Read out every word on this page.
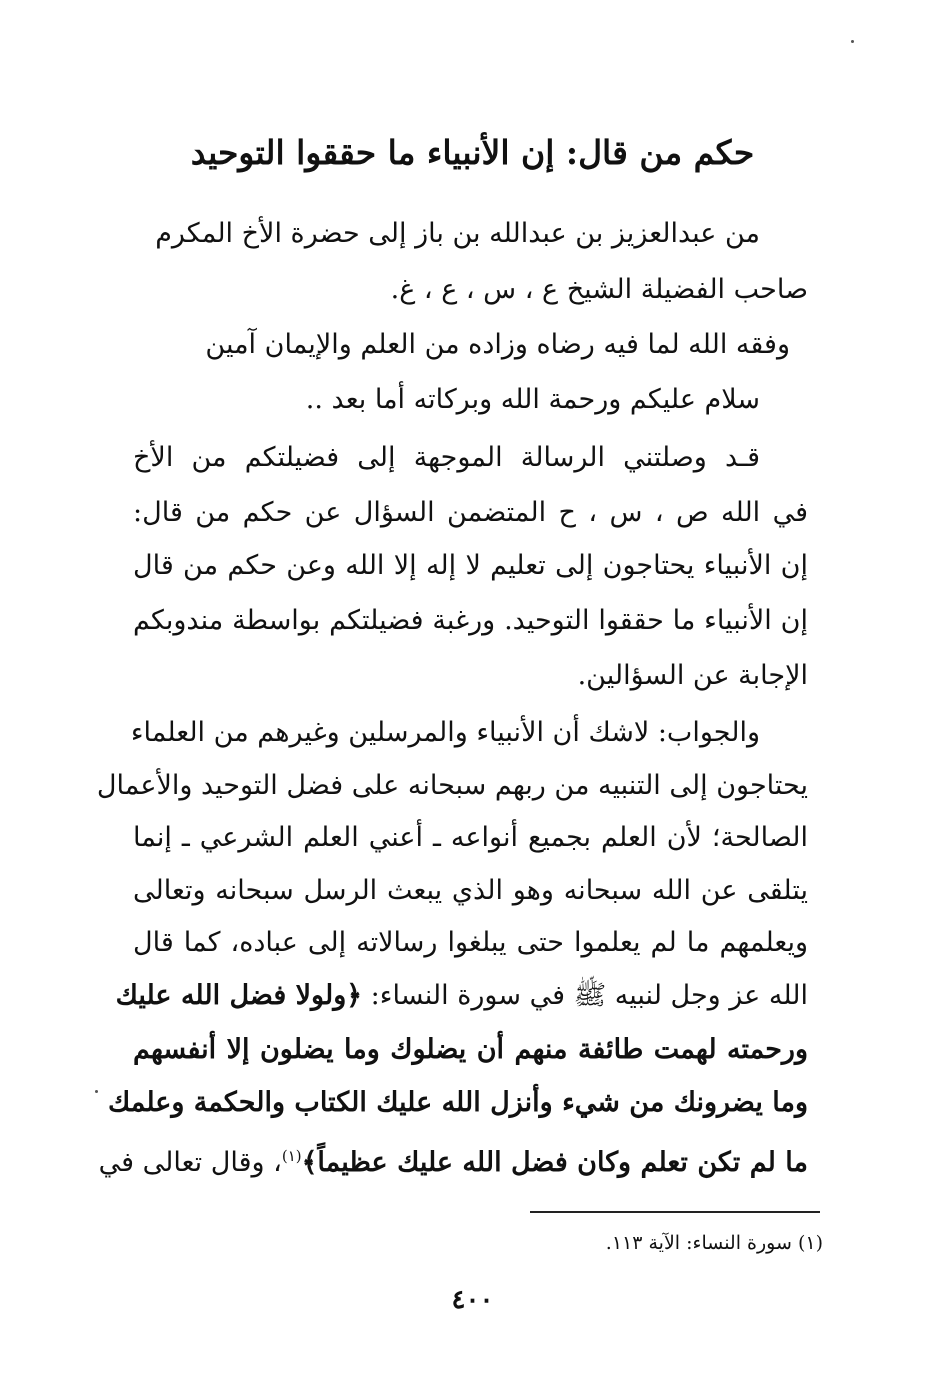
حكم من قال: إن الأنبياء ما حققوا التوحيد
من عبدالعزيز بن عبدالله بن باز إلى حضرة الأخ المكرم
صاحب الفضيلة الشيخ ع ، س ، ع ، غ.
وفقه الله لما فيه رضاه وزاده من العلم والإيمان آمين
سلام عليكم ورحمة الله وبركاته أما بعد ..
قـد وصلتني الرسالة الموجهة إلى فضيلتكم من الأخ
في الله ص ، س ، ح المتضمن السؤال عن حكم من قال:
إن الأنبياء يحتاجون إلى تعليم لا إله إلا الله وعن حكم من قال
إن الأنبياء ما حققوا التوحيد. ورغبة فضيلتكم بواسطة مندوبكم
الإجابة عن السؤالين.
والجواب: لاشك أن الأنبياء والمرسلين وغيرهم من العلماء
يحتاجون إلى التنبيه من ربهم سبحانه على فضل التوحيد والأعمال
الصالحة؛ لأن العلم بجميع أنواعه ـ أعني العلم الشرعي ـ إنما
يتلقى عن الله سبحانه وهو الذي يبعث الرسل سبحانه وتعالى
ويعلمهم ما لم يعلموا حتى يبلغوا رسالاته إلى عباده، كما قال
الله عز وجل لنبيه ﷺ في سورة النساء: ﴿ولولا فضل الله عليك
ورحمته لهمت طائفة منهم أن يضلوك وما يضلون إلا أنفسهم
وما يضرونك من شيء وأنزل الله عليك الكتاب والحكمة وعلمك
ما لم تكن تعلم وكان فضل الله عليك عظيماً﴾$^{(١)}$، وقال تعالى في
(١) سورة النساء: الآية ١١٣.
٤٠٠
